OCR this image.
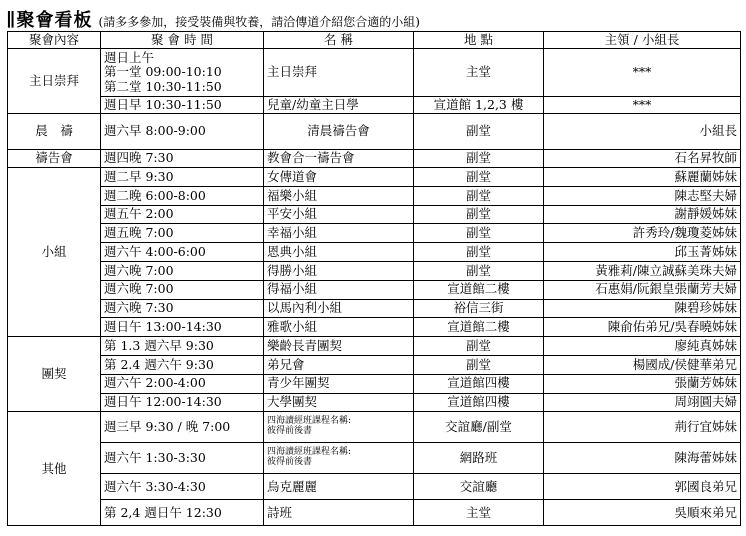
∥聚會看板 (請多多參加，接受裝備與牧養，請洽傳道介紹您合適的小組)
聚會內容	聚 會 時 間	名 稱	地 點	主領 / 小組長
主日崇拜	週日上午
第一堂 09:00-10:10
第二堂 10:30-11:50	主日崇拜	主堂	***

	週日早 10:30-11:50	兒童/幼童主日學	宣道館 1,2,3 樓	***
晨　禱	週六早 8:00-9:00	清晨禱告會	副堂	小組長
禱告會	週四晚 7:30	教會合一禱告會	副堂	石名昇牧師
小組	週二早 9:30	女傳道會	副堂	蘇麗蘭姊妹

	週二晚 6:00-8:00	福樂小組	副堂	陳志堅夫婦

	週五午 2:00	平安小組	副堂	謝靜媛姊妹

	週五晚 7:00	幸福小組	副堂	許秀玲/魏瓊菱姊妹

	週六午 4:00-6:00	恩典小組	副堂	邱玉菁姊妹

	週六晚 7:00	得勝小組	副堂	黃雅莉/陳立誠蘇美珠夫婦

	週六晚 7:00	得福小組	宣道館二樓	石惠娟/阮銀皇張蘭芳夫婦

	週六晚 7:30	以馬內利小組	裕信三街	陳碧珍姊妹

	週日午 13:00-14:30	雅歌小組	宣道館二樓	陳俞佑弟兄/吳春曉姊妹
團契	第 1.3 週六早 9:30	樂齡長青團契	副堂	廖純真姊妹

	第 2.4 週六午 9:30	弟兄會	副堂	楊國成/侯健華弟兄

	週六午 2:00-4:00	青少年團契	宣道館四樓	張蘭芳姊妹

	週日午 12:00-14:30	大學團契	宣道館四樓	周翊圓夫婦
其他	週三早 9:30 / 晚 7:00	四海讀經班課程名稱:
彼得前後書	交誼廳/副堂	荊行宜姊妹

	週六午 1:30-3:30	四海讀經班課程名稱:
彼得前後書	網路班	陳海蕾姊妹

	週六午 3:30-4:30	烏克麗麗	交誼廳	郭國良弟兄

	第 2,4 週日午 12:30	詩班	主堂	吳順來弟兄
